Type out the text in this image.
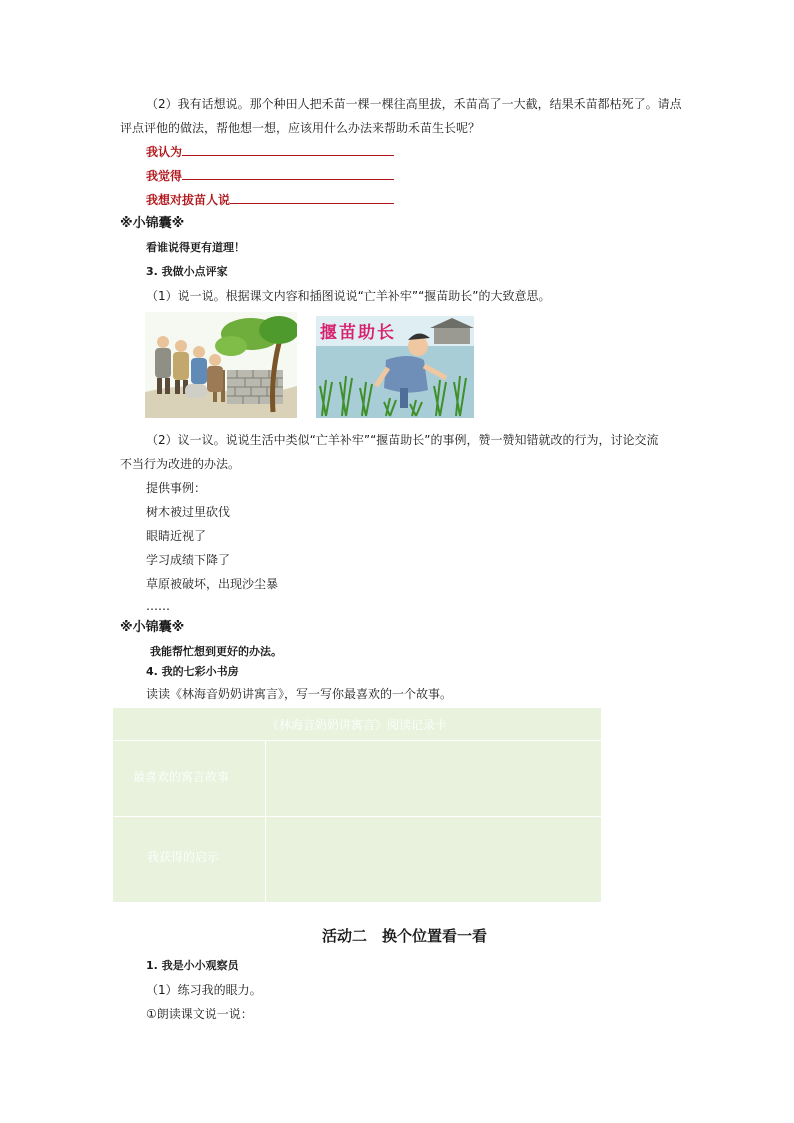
（2）我有话想说。那个种田人把禾苗一棵一棵往高里拔，禾苗高了一大截，结果禾苗都枯死了。请点
评点评他的做法，帮他想一想，应该用什么办法来帮助禾苗生长呢？
我认为
我觉得
我想对拔苗人说
※小锦囊※
看谁说得更有道理！
3. 我做小点评家
（1）说一说。根据课文内容和插图说说“亡羊补牢”“揠苗助长”的大致意思。
揠苗助长
（2）议一议。说说生活中类似“亡羊补牢”“揠苗助长”的事例，赞一赞知错就改的行为，讨论交流
不当行为改进的办法。
提供事例：
树木被过里砍伐
眼睛近视了
学习成绩下降了
草原被破坏，出现沙尘暴
……
※小锦囊※
我能帮忙想到更好的办法。
4. 我的七彩小书房
读读《林海音奶奶讲寓言》，写一写你最喜欢的一个故事。
《林海音奶奶讲寓言》阅读记录卡
最喜欢的寓言故事
我获得的启示
活动二　换个位置看一看
1. 我是小小观察员
（1）练习我的眼力。
①朗读课文说一说：
